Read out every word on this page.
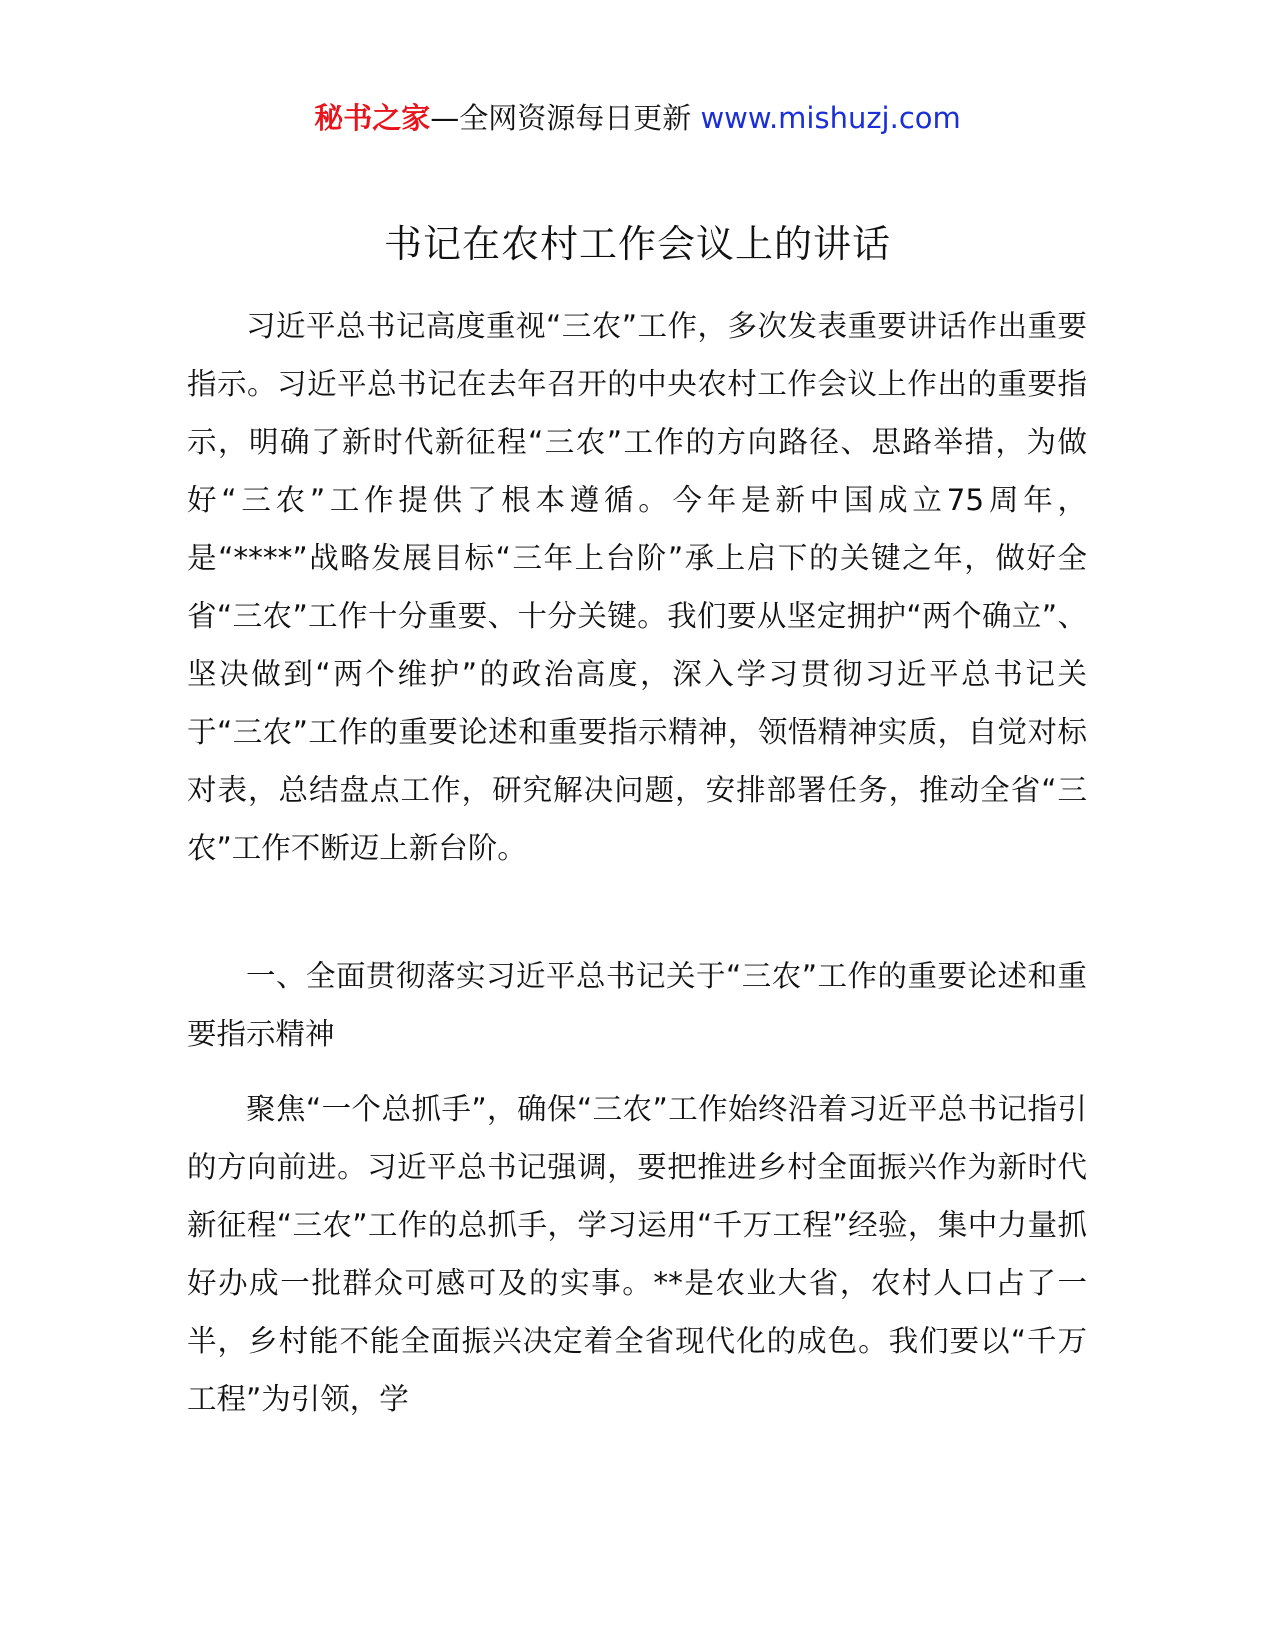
秘书之家—全网资源每日更新 www.mishuzj.com
书记在农村工作会议上的讲话

习近平总书记高度重视“三农”工作，多次发表重要讲话作出重要指示。习近平总书记在去年召开的中央农村工作会议上作出的重要指示，明确了新时代新征程“三农”工作的方向路径、思路举措，为做好“三农”工作提供了根本遵循。今年是新中国成立75周年，是“****”战略发展目标“三年上台阶”承上启下的关键之年，做好全省“三农”工作十分重要、十分关键。我们要从坚定拥护“两个确立”、坚决做到“两个维护”的政治高度，深入学习贯彻习近平总书记关于“三农”工作的重要论述和重要指示精神，领悟精神实质，自觉对标对表，总结盘点工作，研究解决问题，安排部署任务，推动全省“三农”工作不断迈上新台阶。

一、全面贯彻落实习近平总书记关于“三农”工作的重要论述和重要指示精神

聚焦“一个总抓手”，确保“三农”工作始终沿着习近平总书记指引的方向前进。习近平总书记强调，要把推进乡村全面振兴作为新时代新征程“三农”工作的总抓手，学习运用“千万工程”经验，集中力量抓好办成一批群众可感可及的实事。**是农业大省，农村人口占了一半，乡村能不能全面振兴决定着全省现代化的成色。我们要以“千万工程”为引领，学
